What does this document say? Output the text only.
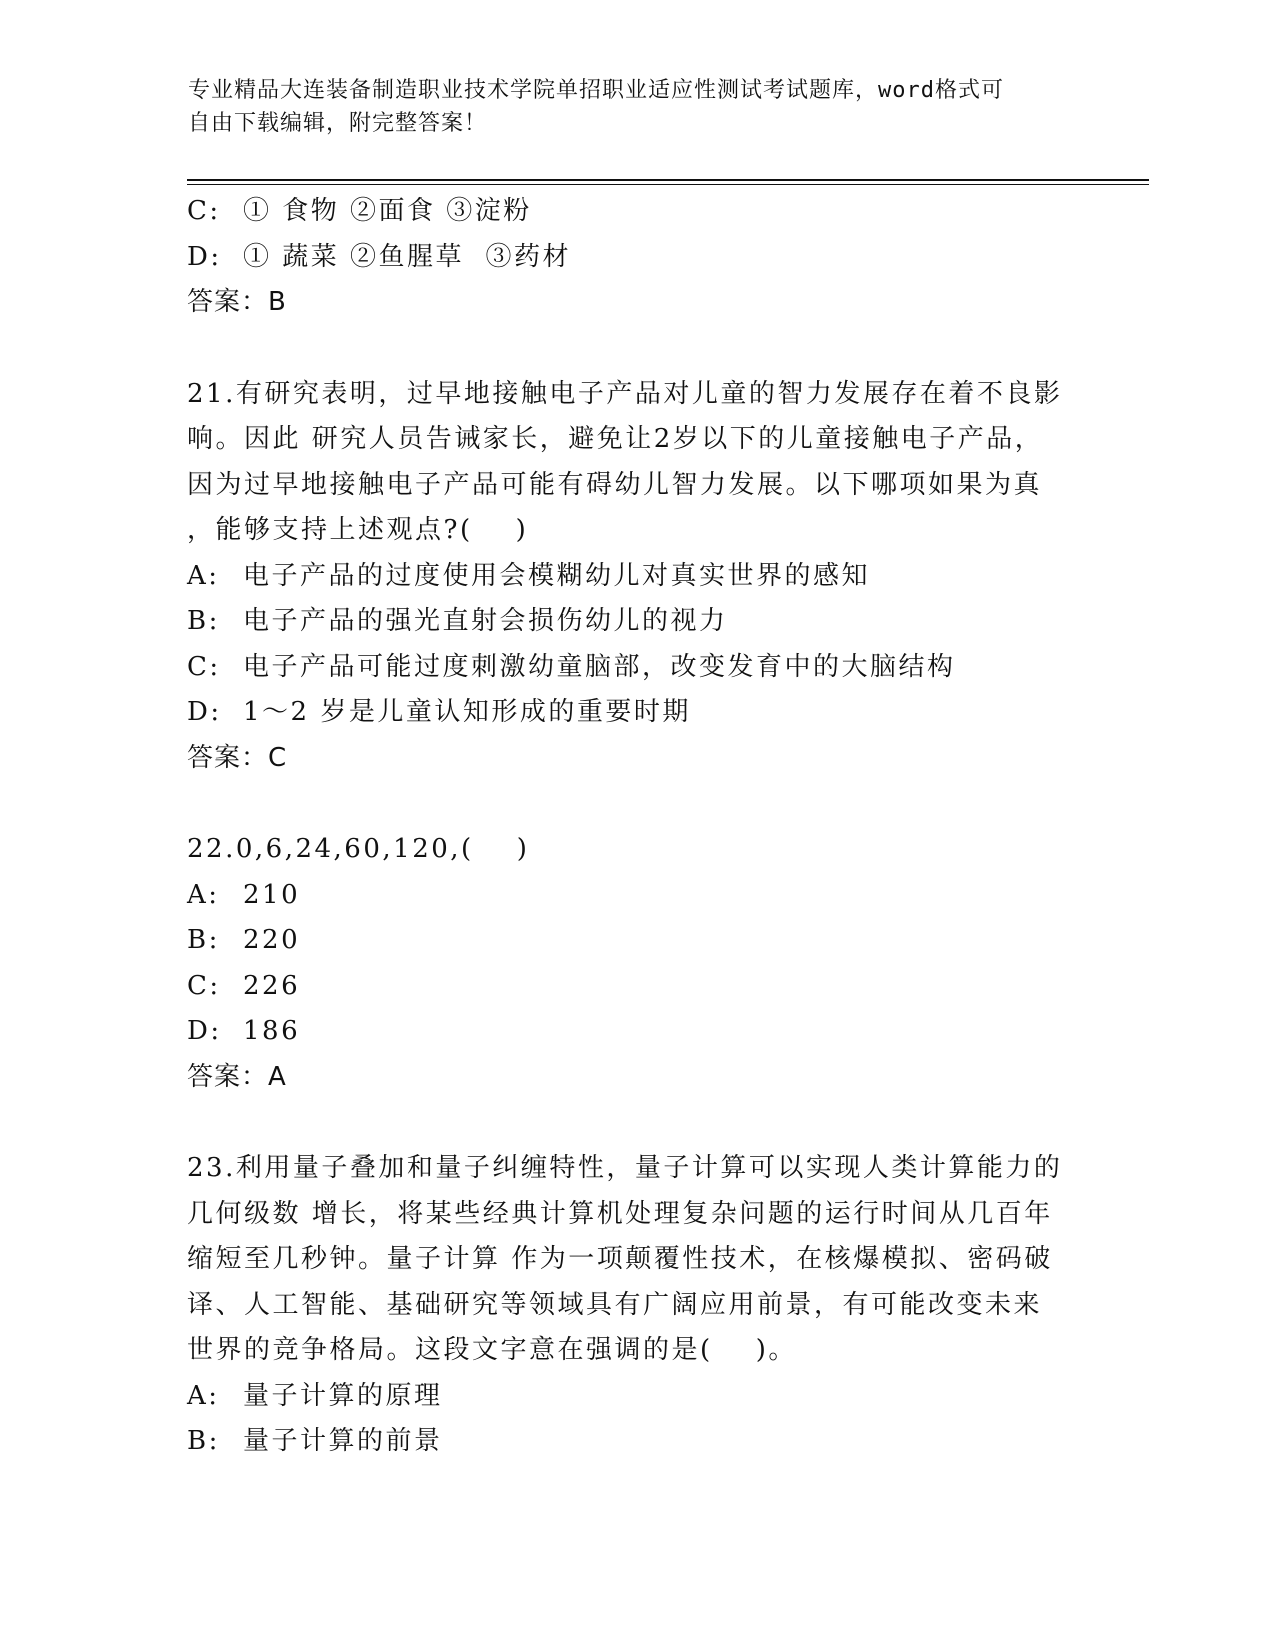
专业精品大连装备制造职业技术学院单招职业适应性测试考试题库，word格式可
自由下载编辑，附完整答案！
C: ① 食物 ②面食 ③淀粉
D: ① 蔬菜 ②鱼腥草  ③药材
答案：B
21.有研究表明，过早地接触电子产品对儿童的智力发展存在着不良影
响。因此 研究人员告诫家长，避免让2岁以下的儿童接触电子产品，
因为过早地接触电子产品可能有碍幼儿智力发展。以下哪项如果为真
，能够支持上述观点?(    )
A: 电子产品的过度使用会模糊幼儿对真实世界的感知
B: 电子产品的强光直射会损伤幼儿的视力
C: 电子产品可能过度刺激幼童脑部，改变发育中的大脑结构
D: 1～2 岁是儿童认知形成的重要时期
答案：C
22.0,6,24,60,120,(    )
A: 210
B: 220
C: 226
D: 186
答案：A
23.利用量子叠加和量子纠缠特性，量子计算可以实现人类计算能力的
几何级数 增长，将某些经典计算机处理复杂问题的运行时间从几百年
缩短至几秒钟。量子计算 作为一项颠覆性技术，在核爆模拟、密码破
译、人工智能、基础研究等领域具有广阔应用前景，有可能改变未来
世界的竞争格局。这段文字意在强调的是(    )。
A: 量子计算的原理
B: 量子计算的前景
